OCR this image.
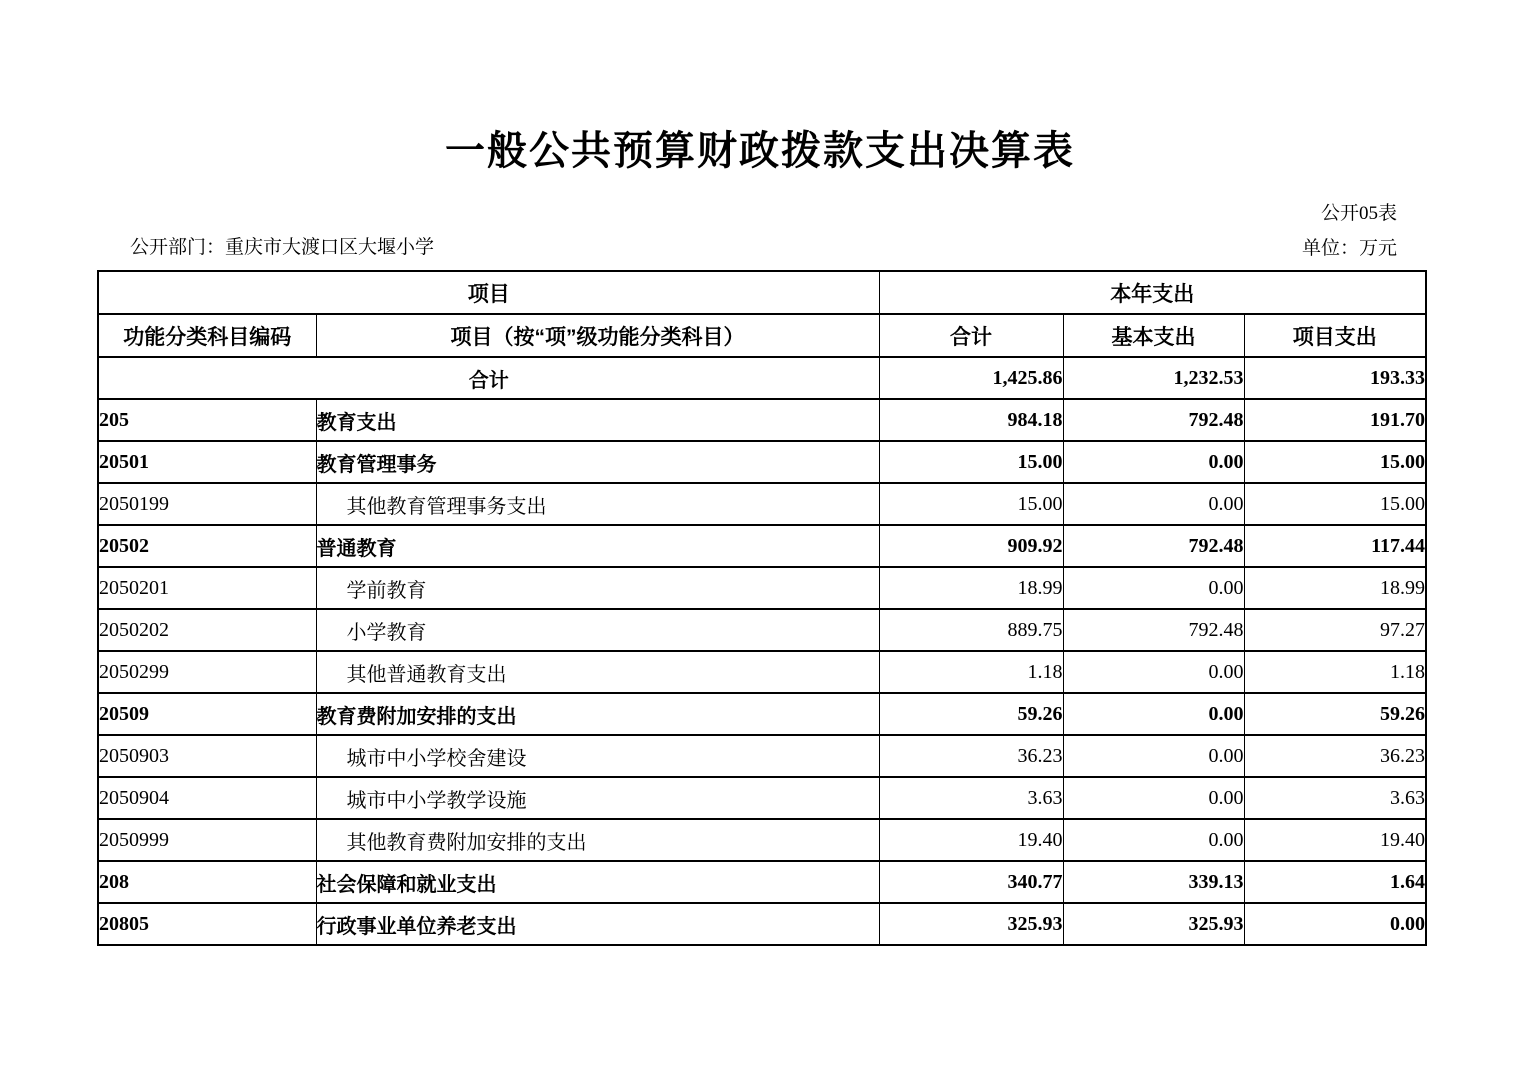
一般公共预算财政拨款支出决算表
公开05表
公开部门：重庆市大渡口区大堰小学	单位：万元
项目		本年支出		
功能分类科目编码	项目（按“项”级功能分类科目）	合计	基本支出	项目支出
合计		1,425.86	1,232.53	193.33
205	教育支出	984.18	792.48	191.70
20501	教育管理事务	15.00	0.00	15.00
2050199	其他教育管理事务支出	15.00	0.00	15.00
20502	普通教育	909.92	792.48	117.44
2050201	学前教育	18.99	0.00	18.99
2050202	小学教育	889.75	792.48	97.27
2050299	其他普通教育支出	1.18	0.00	1.18
20509	教育费附加安排的支出	59.26	0.00	59.26
2050903	城市中小学校舍建设	36.23	0.00	36.23
2050904	城市中小学教学设施	3.63	0.00	3.63
2050999	其他教育费附加安排的支出	19.40	0.00	19.40
208	社会保障和就业支出	340.77	339.13	1.64
20805	行政事业单位养老支出	325.93	325.93	0.00
